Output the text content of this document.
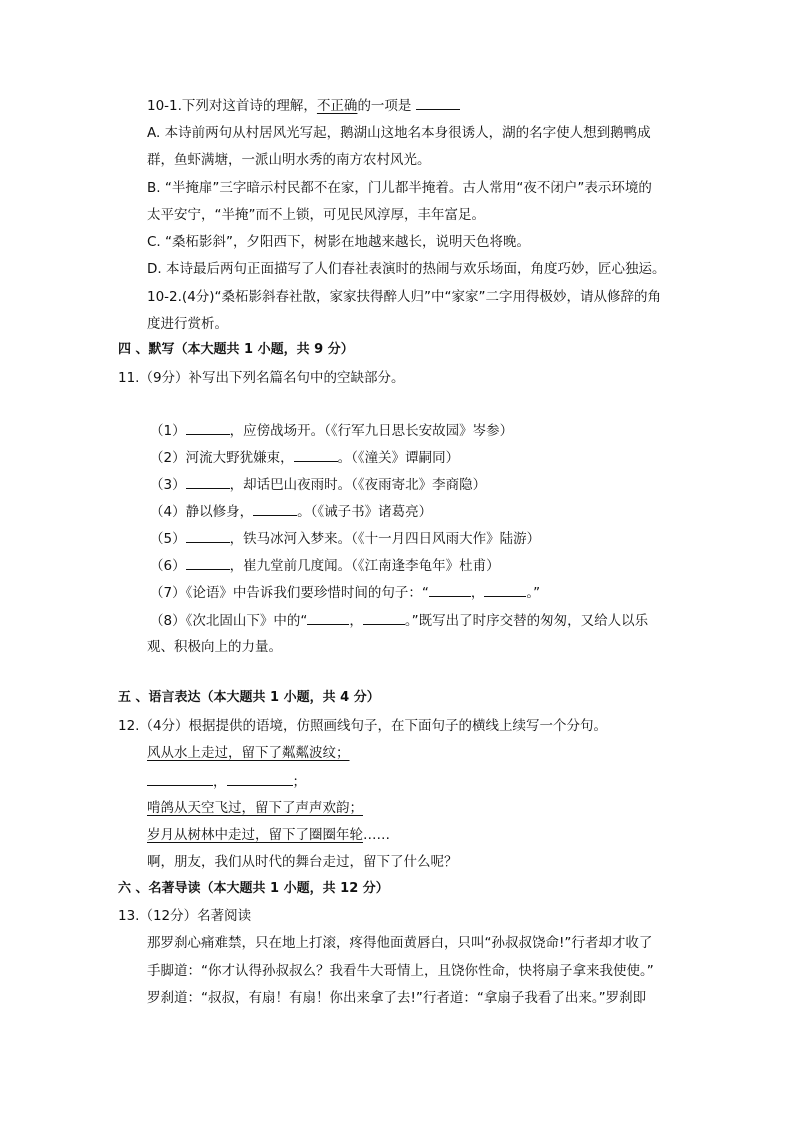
10-1.下列对这首诗的理解，不正确的一项是
A. 本诗前两句从村居风光写起，鹅湖山这地名本身很诱人，湖的名字使人想到鹅鸭成
群，鱼虾满塘，一派山明水秀的南方农村风光。
B. “半掩扉”三字暗示村民都不在家，门儿都半掩着。古人常用“夜不闭户”表示环境的
太平安宁，“半掩”而不上锁，可见民风淳厚，丰年富足。
C. “桑柘影斜”，夕阳西下，树影在地越来越长，说明天色将晚。
D. 本诗最后两句正面描写了人们春社表演时的热闹与欢乐场面，角度巧妙，匠心独运。
10-2.(4分)“桑柘影斜春社散，家家扶得醉人归”中“家家”二字用得极妙，请从修辞的角
度进行赏析。
四 、默写（本大题共 1 小题，共 9 分）
11.（9分）补写出下列名篇名句中的空缺部分。
（1）	，应傍战场开。（《行军九日思长安故园》岑参）
（2）河流大野犹嫌束，	。（《潼关》谭嗣同）
（3）	，却话巴山夜雨时。（《夜雨寄北》李商隐）
（4）静以修身，	。（《诫子书》诸葛亮）
（5）	，铁马冰河入梦来。（《十一月四日风雨大作》陆游）
（6）	，崔九堂前几度闻。（《江南逢李龟年》杜甫）
（7）《论语》中告诉我们要珍惜时间的句子：“	，	。”
（8）《次北固山下》中的“	，	。”既写出了时序交替的匆匆，又给人以乐
观、积极向上的力量。
五 、语言表达（本大题共 1 小题，共 4 分）
12.（4分）根据提供的语境，仿照画线句子，在下面句子的横线上续写一个分句。
风从水上走过，留下了粼粼波纹；
，	；
啃鸽从天空飞过，留下了声声欢韵；
岁月从树林中走过，留下了圈圈年轮……
啊，朋友，我们从时代的舞台走过，留下了什么呢？
六 、名著导读（本大题共 1 小题，共 12 分）
13.（12分）名著阅读
那罗刹心痛难禁，只在地上打滚，疼得他面黄唇白，只叫“孙叔叔饶命!”行者却才收了
手脚道：“你才认得孙叔叔么？我看牛大哥情上，且饶你性命，快将扇子拿来我使使。”
罗刹道：“叔叔，有扇！有扇！你出来拿了去!”行者道：“拿扇子我看了出来。”罗刹即
